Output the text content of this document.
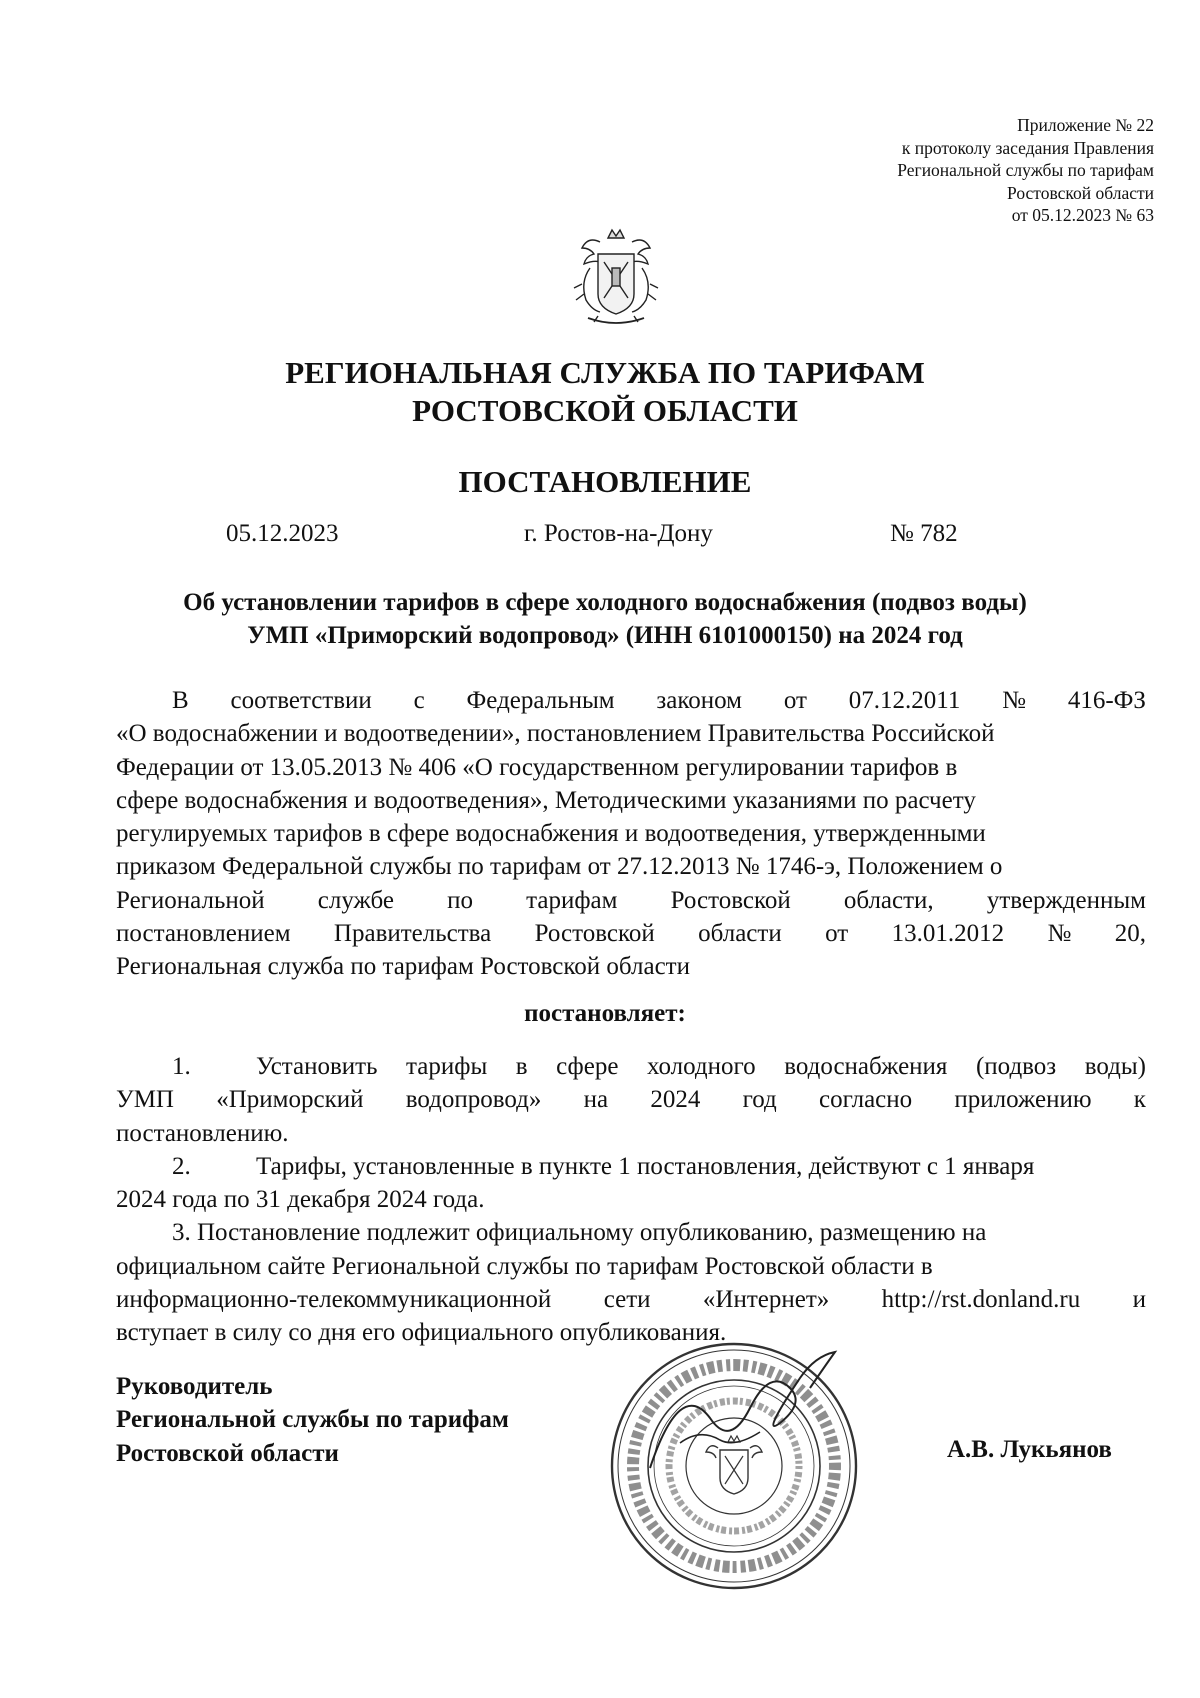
Приложение № 22
к протоколу заседания Правления
Региональной службы по тарифам
Ростовской области
от 05.12.2023 № 63
РЕГИОНАЛЬНАЯ СЛУЖБА ПО ТАРИФАМ
РОСТОВСКОЙ ОБЛАСТИ
ПОСТАНОВЛЕНИЕ
05.12.2023	г. Ростов-на-Дону	№ 782
Об установлении тарифов в сфере холодного водоснабжения (подвоз воды)
УМП «Приморский водопровод» (ИНН 6101000150) на 2024 год
В соответствии с Федеральным законом от 07.12.2011 № 416-ФЗ
«О водоснабжении и водоотведении», постановлением Правительства Российской
Федерации от 13.05.2013 № 406 «О государственном регулировании тарифов в
сфере водоснабжения и водоотведения», Методическими указаниями по расчету
регулируемых тарифов в сфере водоснабжения и водоотведения, утвержденными
приказом Федеральной службы по тарифам от 27.12.2013 № 1746-э, Положением о
Региональной службе по тарифам Ростовской области, утвержденным
постановлением Правительства Ростовской области от 13.01.2012 № 20,
Региональная служба по тарифам Ростовской области
постановляет:
1.	Установить тарифы в сфере холодного водоснабжения (подвоз воды)
УМП «Приморский водопровод» на 2024 год согласно приложению к
постановлению.
2.	Тарифы, установленные в пункте 1 постановления, действуют с 1 января
2024 года по 31 декабря 2024 года.
3. Постановление подлежит официальному опубликованию, размещению на
официальном сайте Региональной службы по тарифам Ростовской области в
информационно-телекоммуникационной сети «Интернет» http://rst.donland.ru и
вступает в силу со дня его официального опубликования.
Руководитель
Региональной службы по тарифам
Ростовской области	А.В. Лукьянов
